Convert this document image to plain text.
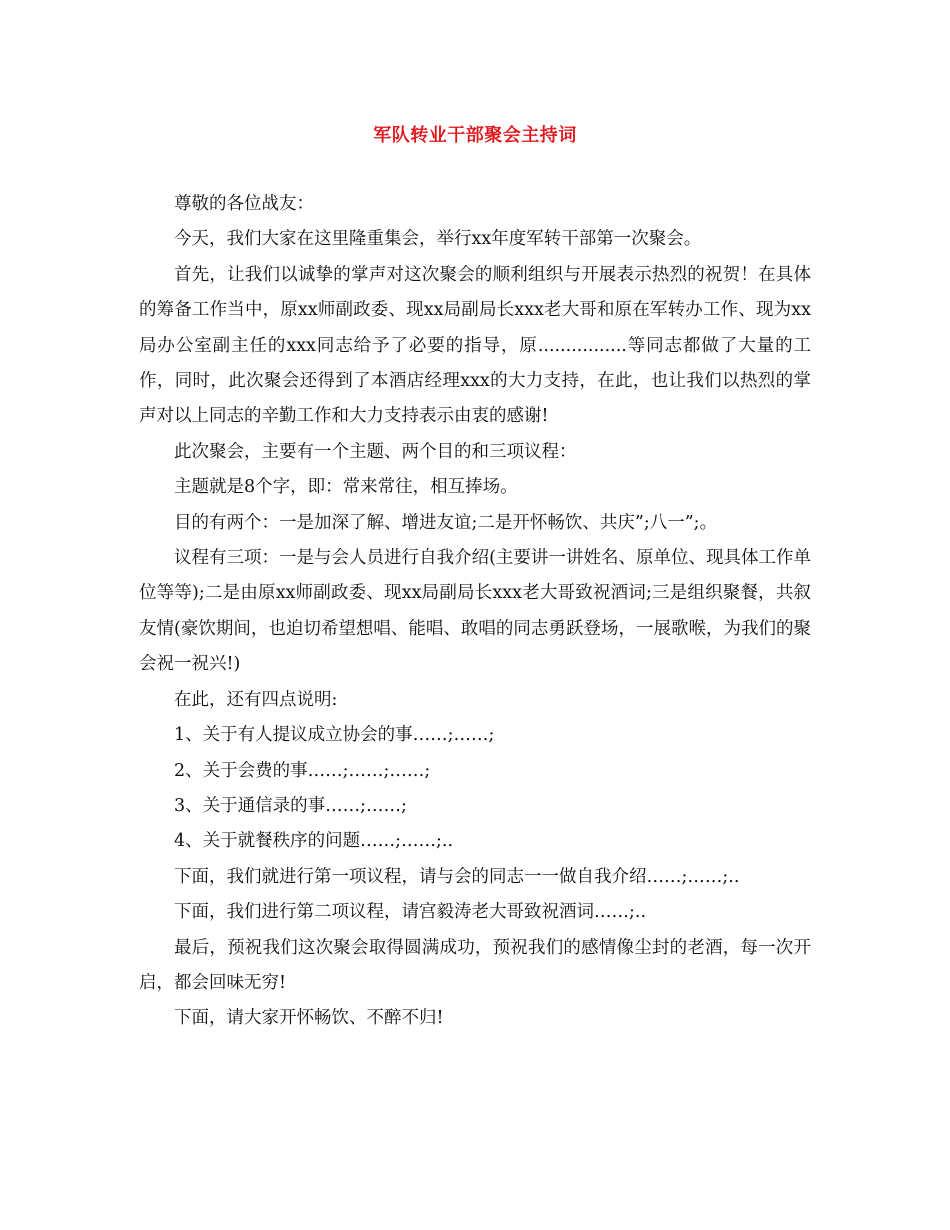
军队转业干部聚会主持词

尊敬的各位战友：

今天，我们大家在这里隆重集会，举行xx年度军转干部第一次聚会。

首先，让我们以诚挚的掌声对这次聚会的顺利组织与开展表示热烈的祝贺！在具体的筹备工作当中，原xx师副政委、现xx局副局长xxx老大哥和原在军转办工作、现为xx局办公室副主任的xxx同志给予了必要的指导，原................等同志都做了大量的工作，同时，此次聚会还得到了本酒店经理xxx的大力支持，在此，也让我们以热烈的掌声对以上同志的辛勤工作和大力支持表示由衷的感谢!

此次聚会，主要有一个主题、两个目的和三项议程：

主题就是8个字，即：常来常往，相互捧场。

目的有两个：一是加深了解、增进友谊;二是开怀畅饮、共庆”;八一”;。

议程有三项：一是与会人员进行自我介绍(主要讲一讲姓名、原单位、现具体工作单位等等);二是由原xx师副政委、现xx局副局长xxx老大哥致祝酒词;三是组织聚餐，共叙友情(豪饮期间，也迫切希望想唱、能唱、敢唱的同志勇跃登场，一展歌喉，为我们的聚会祝一祝兴!)

在此，还有四点说明:

1、关于有人提议成立协会的事……;……;

2、关于会费的事……;……;……;

3、关于通信录的事……;……;

4、关于就餐秩序的问题……;……;..

下面，我们就进行第一项议程，请与会的同志一一做自我介绍……;……;..

下面，我们进行第二项议程，请宫毅涛老大哥致祝酒词……;..

最后，预祝我们这次聚会取得圆满成功，预祝我们的感情像尘封的老酒，每一次开启，都会回味无穷!

下面，请大家开怀畅饮、不醉不归!
